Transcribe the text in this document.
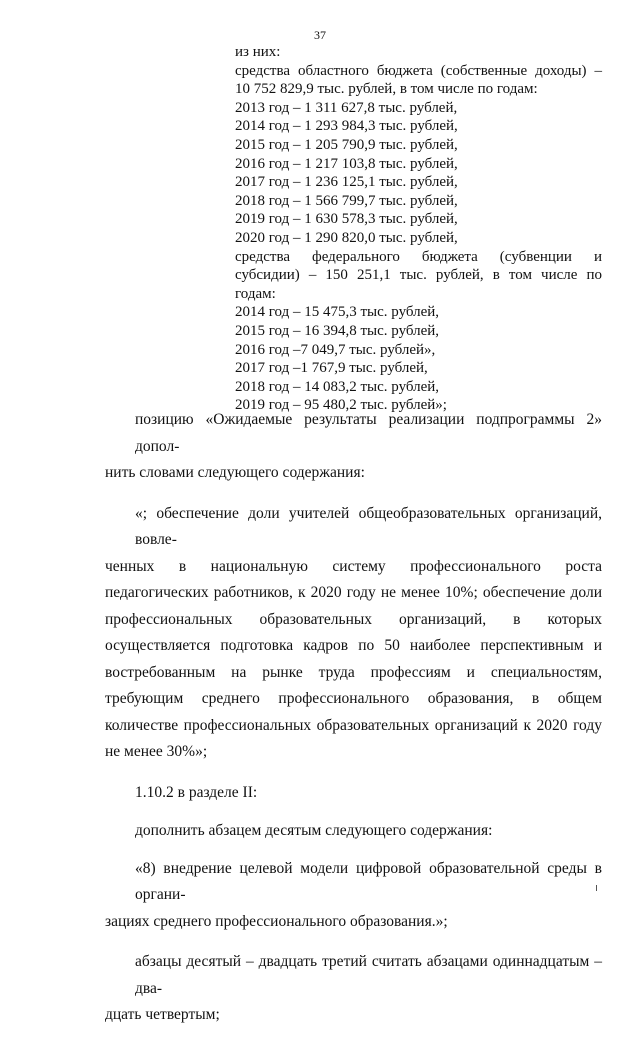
37

из них:

средства областного бюджета (собственные доходы) –

10 752 829,9 тыс. рублей, в том числе по годам:

2013 год – 1 311 627,8 тыс. рублей,

2014 год – 1 293 984,3 тыс. рублей,

2015 год – 1 205 790,9 тыс. рублей,

2016 год – 1 217 103,8 тыс. рублей,

2017 год – 1 236 125,1 тыс. рублей,

2018 год – 1 566 799,7 тыс. рублей,

2019 год – 1 630 578,3 тыс. рублей,

2020 год – 1 290 820,0 тыс. рублей,

средства федерального бюджета (субвенции и

субсидии) – 150 251,1 тыс. рублей, в том числе по

годам:

2014 год – 15 475,3 тыс. рублей,

2015 год – 16 394,8 тыс. рублей,

2016 год –7 049,7 тыс. рублей»,

2017 год –1 767,9 тыс. рублей,

2018 год – 14 083,2 тыс. рублей,

2019 год – 95 480,2 тыс. рублей»;

позицию «Ожидаемые результаты реализации подпрограммы 2» допол-
нить словами следующего содержания:

«; обеспечение доли учителей общеобразовательных организаций, вовле-
ченных в национальную систему профессионального роста педагогических работников, к 2020 году не менее 10%; обеспечение доли профессиональных образовательных организаций, в которых осуществляется подготовка кадров по 50 наиболее перспективным и востребованным на рынке труда профессиям и специальностям, требующим среднего профессионального образования, в общем количестве профессиональных образовательных организаций к 2020 году не менее 30%»;

1.10.2 в разделе II:

дополнить абзацем десятым следующего содержания:

«8) внедрение целевой модели цифровой образовательной среды в органи-
зациях среднего профессионального образования.»;

абзацы десятый – двадцать третий считать абзацами одиннадцатым – два-
дцать четвертым;
